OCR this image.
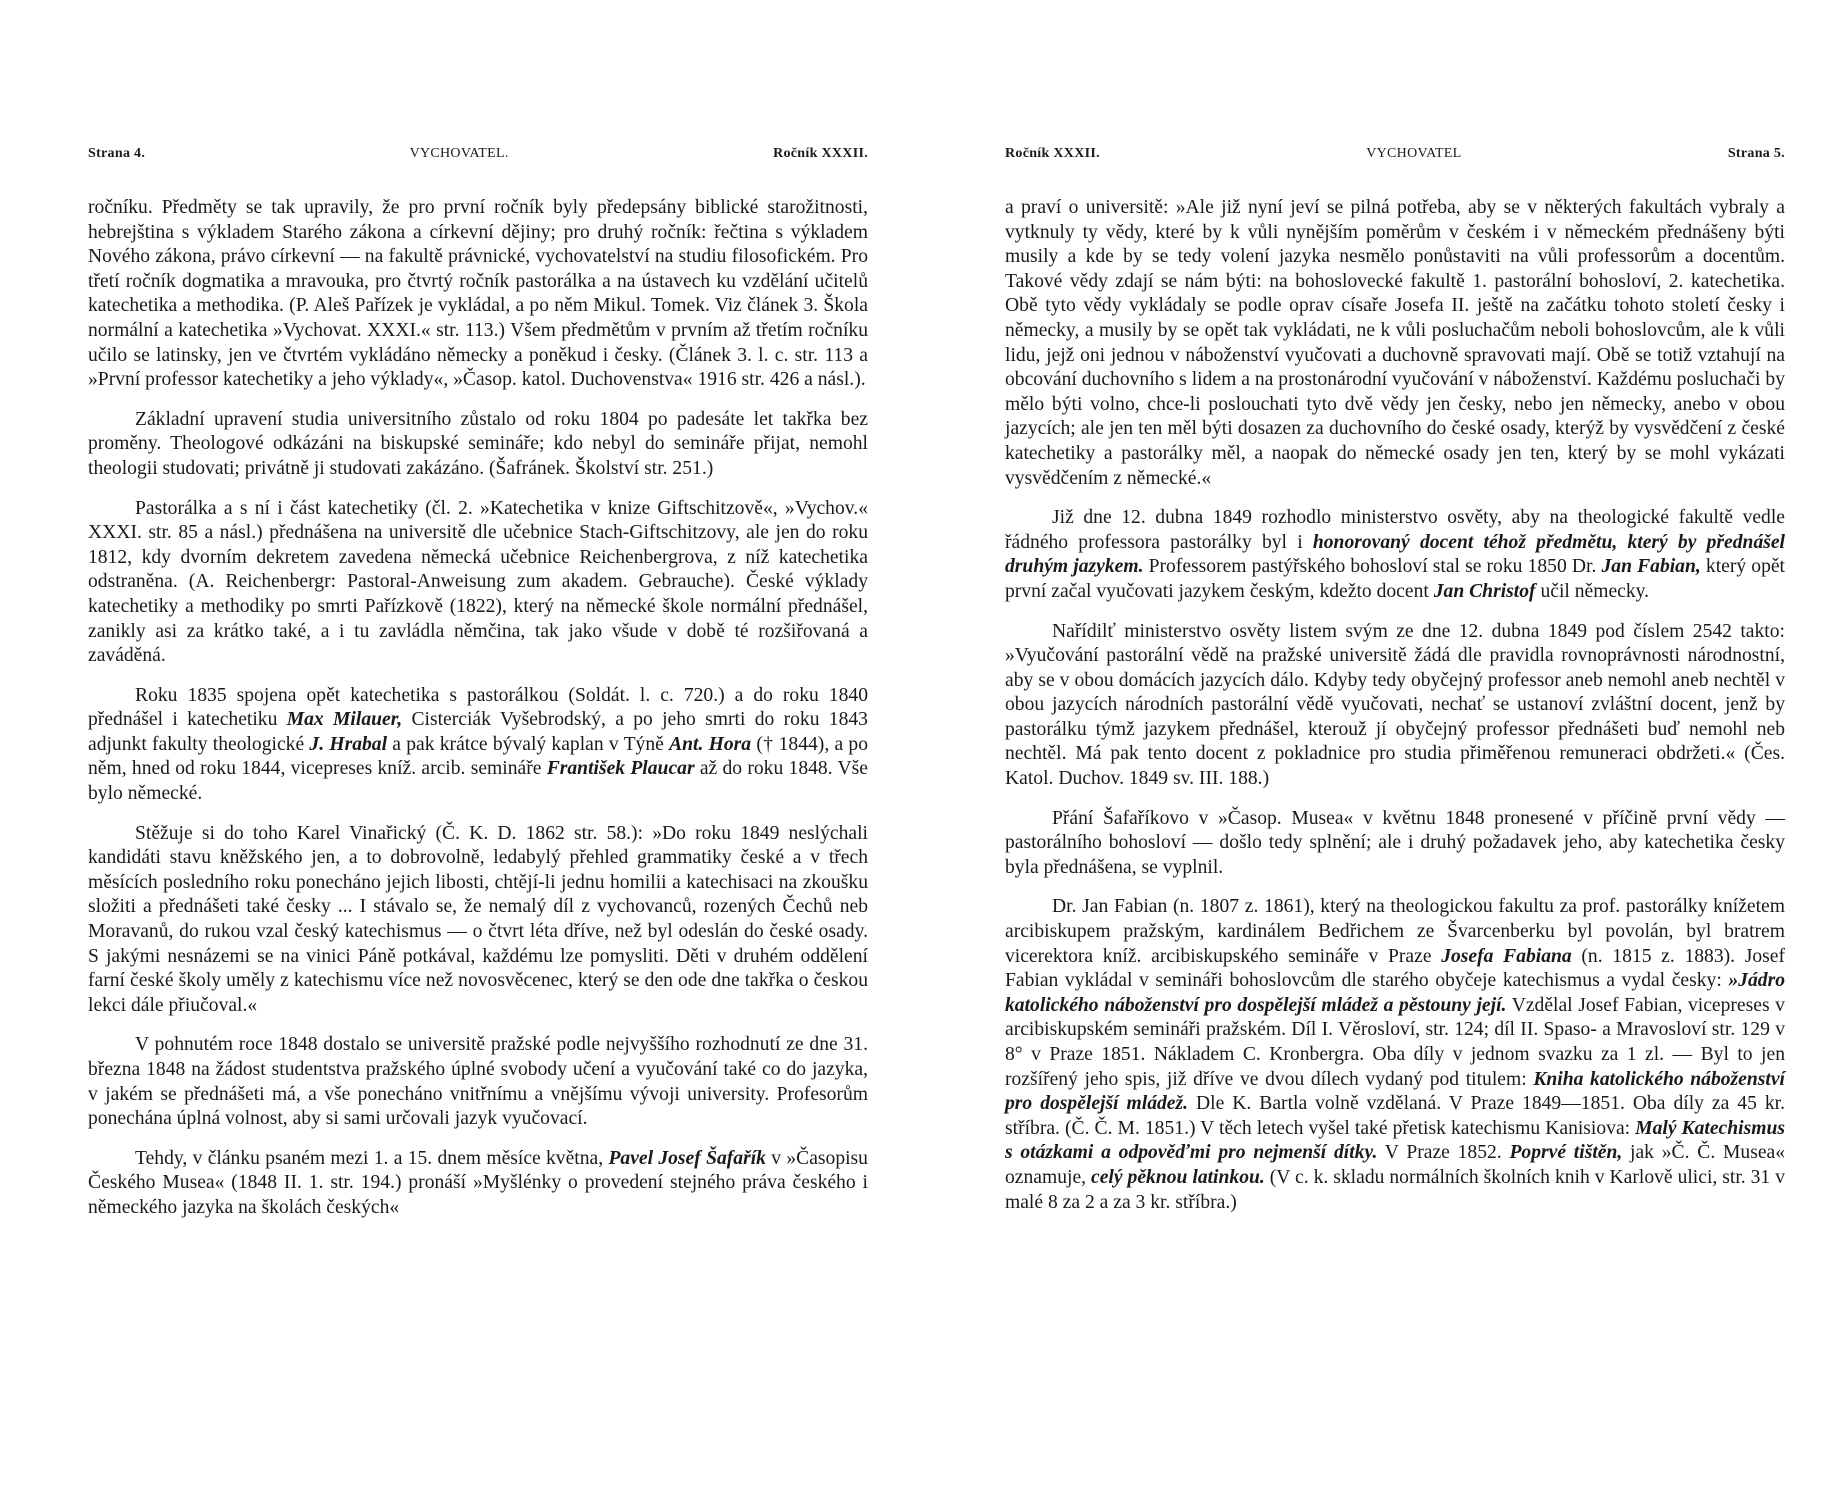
Strana 4.	VYCHOVATEL.	Ročník XXXII.

ročníku. Předměty se tak upravily, že pro první ročník byly předepsány biblické starožitnosti, hebrejština s výkladem Starého zákona a církevní dějiny; pro druhý ročník: řečtina s výkladem Nového zákona, právo církevní — na fakultě právnické, vychovatelství na studiu filosofickém. Pro třetí ročník dogmatika a mravouka, pro čtvrtý ročník pastorálka a na ústavech ku vzdělání učitelů katechetika a methodika. (P. Aleš Pařízek je vykládal, a po něm Mikul. Tomek. Viz článek 3. Škola normální a katechetika »Vychovat. XXXI.« str. 113.) Všem předmětům v prvním až třetím ročníku učilo se latinsky, jen ve čtvrtém vykládáno německy a poněkud i česky. (Článek 3. l. c. str. 113 a »První professor katechetiky a jeho výklady«, »Časop. katol. Duchovenstva« 1916 str. 426 a násl.).

Základní upravení studia universitního zůstalo od roku 1804 po padesáte let takřka bez proměny. Theologové odkázáni na biskupské semináře; kdo nebyl do semináře přijat, nemohl theologii studovati; privátně ji studovati zakázáno. (Šafránek. Školství str. 251.)

Pastorálka a s ní i část katechetiky (čl. 2. »Katechetika v knize Giftschitzově«, »Vychov.« XXXI. str. 85 a násl.) přednášena na universitě dle učebnice Stach-Giftschitzovy, ale jen do roku 1812, kdy dvorním dekretem zavedena německá učebnice Reichenbergrova, z níž katechetika odstraněna. (A. Reichenbergr: Pastoral-Anweisung zum akadem. Gebrauche). České výklady katechetiky a methodiky po smrti Pařízkově (1822), který na německé škole normální přednášel, zanikly asi za krátko také, a i tu zavládla němčina, tak jako všude v době té rozšiřovaná a zaváděná.

Roku 1835 spojena opět katechetika s pastorálkou (Soldát. l. c. 720.) a do roku 1840 přednášel i katechetiku Max Milauer, Cisterciák Vyšebrodský, a po jeho smrti do roku 1843 adjunkt fakulty theologické J. Hrabal a pak krátce bývalý kaplan v Týně Ant. Hora († 1844), a po něm, hned od roku 1844, vicepreses kníž. arcib. semináře František Plaucar až do roku 1848. Vše bylo německé.

Stěžuje si do toho Karel Vinařický (Č. K. D. 1862 str. 58.): »Do roku 1849 neslýchali kandidáti stavu kněžského jen, a to dobrovolně, ledabylý přehled grammatiky české a v třech měsících posledního roku ponecháno jejich libosti, chtějí-li jednu homilii a katechisaci na zkoušku složiti a přednášeti také česky ... I stávalo se, že nemalý díl z vychovanců, rozených Čechů neb Moravanů, do rukou vzal český katechismus — o čtvrt léta dříve, než byl odeslán do české osady. S jakými nesnázemi se na vinici Páně potkával, každému lze pomysliti. Děti v druhém oddělení farní české školy uměly z katechismu více než novosvěcenec, který se den ode dne takřka o českou lekci dále přiučoval.«

V pohnutém roce 1848 dostalo se universitě pražské podle nejvyššího rozhodnutí ze dne 31. března 1848 na žádost studentstva pražského úplné svobody učení a vyučování také co do jazyka, v jakém se přednášeti má, a vše ponecháno vnitřnímu a vnějšímu vývoji university. Profesorům ponechána úplná volnost, aby si sami určovali jazyk vyučovací.

Tehdy, v článku psaném mezi 1. a 15. dnem měsíce května, Pavel Josef Šafařík v »Časopisu Českého Musea« (1848 II. 1. str. 194.) pronáší »Myšlénky o provedení stejného práva českého i německého jazyka na školách českých«

Ročník XXXII.	VYCHOVATEL	Strana 5.

a praví o universitě: »Ale již nyní jeví se pilná potřeba, aby se v některých fakultách vybraly a vytknuly ty vědy, které by k vůli nynějším poměrům v českém i v německém přednášeny býti musily a kde by se tedy volení jazyka nesmělo ponůstaviti na vůli professorům a docentům. Takové vědy zdají se nám býti: na bohoslovecké fakultě 1. pastorální bohosloví, 2. katechetika. Obě tyto vědy vykládaly se podle oprav císaře Josefa II. ještě na začátku tohoto století česky i německy, a musily by se opět tak vykládati, ne k vůli posluchačům neboli bohoslovcům, ale k vůli lidu, jejž oni jednou v náboženství vyučovati a duchovně spravovati mají. Obě se totiž vztahují na obcování duchovního s lidem a na prostonárodní vyučování v náboženství. Každému posluchači by mělo býti volno, chce-li poslouchati tyto dvě vědy jen česky, nebo jen německy, anebo v obou jazycích; ale jen ten měl býti dosazen za duchovního do české osady, kterýž by vysvědčení z české katechetiky a pastorálky měl, a naopak do německé osady jen ten, který by se mohl vykázati vysvědčením z německé.«

Již dne 12. dubna 1849 rozhodlo ministerstvo osvěty, aby na theologické fakultě vedle řádného professora pastorálky byl i honorovaný docent téhož předmětu, který by přednášel druhým jazykem. Professorem pastýřského bohosloví stal se roku 1850 Dr. Jan Fabian, který opět první začal vyučovati jazykem českým, kdežto docent Jan Christof učil německy.

Nařídilť ministerstvo osvěty listem svým ze dne 12. dubna 1849 pod číslem 2542 takto: »Vyučování pastorální vědě na pražské universitě žádá dle pravidla rovnoprávnosti národnostní, aby se v obou domácích jazycích dálo. Kdyby tedy obyčejný professor aneb nemohl aneb nechtěl v obou jazycích národních pastorální vědě vyučovati, nechať se ustanoví zvláštní docent, jenž by pastorálku týmž jazykem přednášel, kterouž jí obyčejný professor přednášeti buď nemohl neb nechtěl. Má pak tento docent z pokladnice pro studia přiměřenou remuneraci obdržeti.« (Čes. Katol. Duchov. 1849 sv. III. 188.)

Přání Šafaříkovo v »Časop. Musea« v květnu 1848 pronesené v příčině první vědy — pastorálního bohosloví — došlo tedy splnění; ale i druhý požadavek jeho, aby katechetika česky byla přednášena, se vyplnil.

Dr. Jan Fabian (n. 1807 z. 1861), který na theologickou fakultu za prof. pastorálky knížetem arcibiskupem pražským, kardinálem Bedřichem ze Švarcenberku byl povolán, byl bratrem vicerektora kníž. arcibiskupského semináře v Praze Josefa Fabiana (n. 1815 z. 1883). Josef Fabian vykládal v semináři bohoslovcům dle starého obyčeje katechismus a vydal česky: »Jádro katolického náboženství pro dospělejší mládež a pěstouny její. Vzdělal Josef Fabian, vicepreses v arcibiskupském semináři pražském. Díl I. Věrosloví, str. 124; díl II. Spaso- a Mravosloví str. 129 v 8° v Praze 1851. Nákladem C. Kronbergra. Oba díly v jednom svazku za 1 zl. — Byl to jen rozšířený jeho spis, již dříve ve dvou dílech vydaný pod titulem: Kniha katolického náboženství pro dospělejší mládež. Dle K. Bartla volně vzdělaná. V Praze 1849—1851. Oba díly za 45 kr. stříbra. (Č. Č. M. 1851.) V těch letech vyšel také přetisk katechismu Kanisiova: Malý Katechismus s otázkami a odpověďmi pro nejmenší dítky. V Praze 1852. Poprvé tištěn, jak »Č. Č. Musea« oznamuje, celý pěknou latinkou. (V c. k. skladu normálních školních knih v Karlově ulici, str. 31 v malé 8 za 2 a za 3 kr. stříbra.)
